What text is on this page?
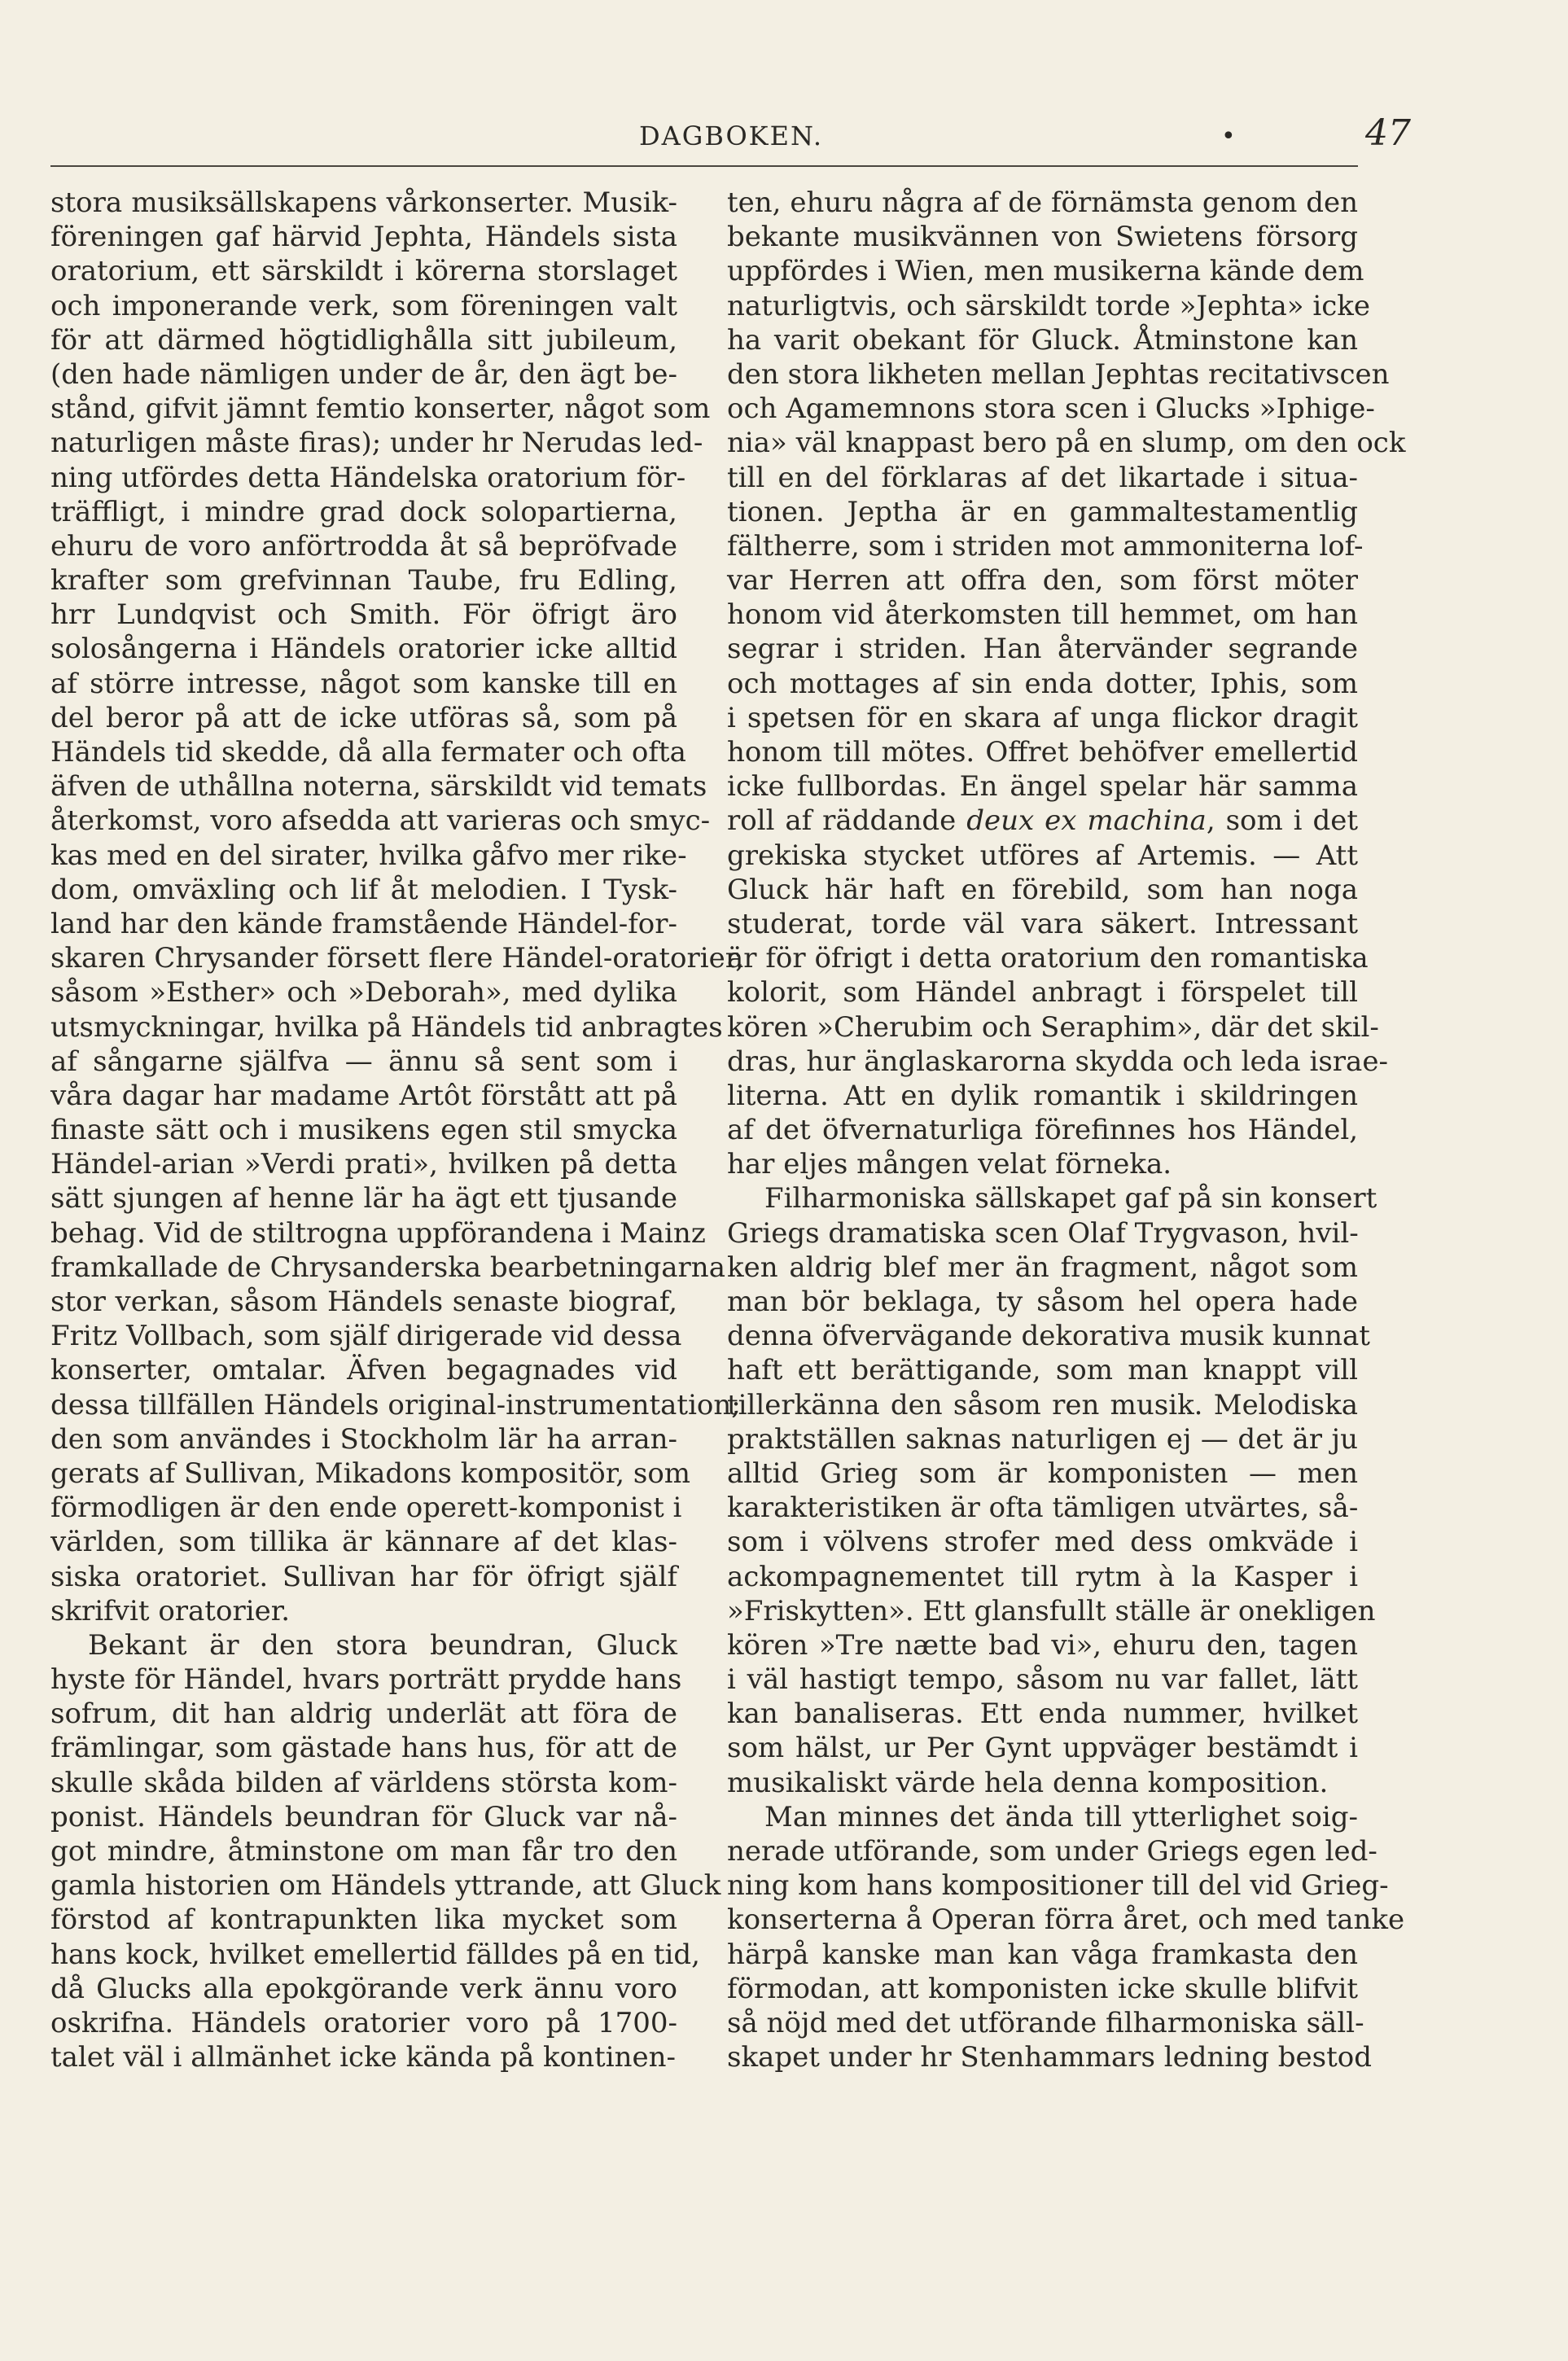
DAGBOKEN.	•	47
stora musiksällskapens vårkonserter. Musik-
föreningen gaf härvid Jephta, Händels sista
oratorium, ett särskildt i körerna storslaget
och imponerande verk, som föreningen valt
för att därmed högtidlighålla sitt jubileum,
(den hade nämligen under de år, den ägt be-
stånd, gifvit jämnt femtio konserter, något som
naturligen måste firas); under hr Nerudas led-
ning utfördes detta Händelska oratorium för-
träffligt, i mindre grad dock solopartierna,
ehuru de voro anförtrodda åt så bepröfvade
krafter som grefvinnan Taube, fru Edling,
hrr Lundqvist och Smith. För öfrigt äro
solosångerna i Händels oratorier icke alltid
af större intresse, något som kanske till en
del beror på att de icke utföras så, som på
Händels tid skedde, då alla fermater och ofta
äfven de uthållna noterna, särskildt vid temats
återkomst, voro afsedda att varieras och smyc-
kas med en del sirater, hvilka gåfvo mer rike-
dom, omväxling och lif åt melodien. I Tysk-
land har den kände framstående Händel-for-
skaren Chrysander försett flere Händel-oratorier,
såsom »Esther» och »Deborah», med dylika
utsmyckningar, hvilka på Händels tid anbragtes
af sångarne själfva — ännu så sent som i
våra dagar har madame Artôt förstått att på
finaste sätt och i musikens egen stil smycka
Händel-arian »Verdi prati», hvilken på detta
sätt sjungen af henne lär ha ägt ett tjusande
behag. Vid de stiltrogna uppförandena i Mainz
framkallade de Chrysanderska bearbetningarna
stor verkan, såsom Händels senaste biograf,
Fritz Vollbach, som själf dirigerade vid dessa
konserter, omtalar. Äfven begagnades vid
dessa tillfällen Händels original-instrumentation;
den som användes i Stockholm lär ha arran-
gerats af Sullivan, Mikadons kompositör, som
förmodligen är den ende operett-komponist i
världen, som tillika är kännare af det klas-
siska oratoriet. Sullivan har för öfrigt själf
skrifvit oratorier.
Bekant är den stora beundran, Gluck
hyste för Händel, hvars porträtt prydde hans
sofrum, dit han aldrig underlät att föra de
främlingar, som gästade hans hus, för att de
skulle skåda bilden af världens största kom-
ponist. Händels beundran för Gluck var nå-
got mindre, åtminstone om man får tro den
gamla historien om Händels yttrande, att Gluck
förstod af kontrapunkten lika mycket som
hans kock, hvilket emellertid fälldes på en tid,
då Glucks alla epokgörande verk ännu voro
oskrifna. Händels oratorier voro på 1700-
talet väl i allmänhet icke kända på kontinen-
ten, ehuru några af de förnämsta genom den
bekante musikvännen von Swietens försorg
uppfördes i Wien, men musikerna kände dem
naturligtvis, och särskildt torde »Jephta» icke
ha varit obekant för Gluck. Åtminstone kan
den stora likheten mellan Jephtas recitativscen
och Agamemnons stora scen i Glucks »Iphige-
nia» väl knappast bero på en slump, om den ock
till en del förklaras af det likartade i situa-
tionen. Jeptha är en gammaltestamentlig
fältherre, som i striden mot ammoniterna lof-
var Herren att offra den, som först möter
honom vid återkomsten till hemmet, om han
segrar i striden. Han återvänder segrande
och mottages af sin enda dotter, Iphis, som
i spetsen för en skara af unga flickor dragit
honom till mötes. Offret behöfver emellertid
icke fullbordas. En ängel spelar här samma
roll af räddande deux ex machina, som i det
grekiska stycket utföres af Artemis. — Att
Gluck här haft en förebild, som han noga
studerat, torde väl vara säkert. Intressant
är för öfrigt i detta oratorium den romantiska
kolorit, som Händel anbragt i förspelet till
kören »Cherubim och Seraphim», där det skil-
dras, hur änglaskarorna skydda och leda israe-
literna. Att en dylik romantik i skildringen
af det öfvernaturliga förefinnes hos Händel,
har eljes mången velat förneka.
Filharmoniska sällskapet gaf på sin konsert
Griegs dramatiska scen Olaf Trygvason, hvil-
ken aldrig blef mer än fragment, något som
man bör beklaga, ty såsom hel opera hade
denna öfvervägande dekorativa musik kunnat
haft ett berättigande, som man knappt vill
tillerkänna den såsom ren musik. Melodiska
praktställen saknas naturligen ej — det är ju
alltid Grieg som är komponisten — men
karakteristiken är ofta tämligen utvärtes, så-
som i völvens strofer med dess omkväde i
ackompagnementet till rytm à la Kasper i
»Friskytten». Ett glansfullt ställe är onekligen
kören »Tre nætte bad vi», ehuru den, tagen
i väl hastigt tempo, såsom nu var fallet, lätt
kan banaliseras. Ett enda nummer, hvilket
som hälst, ur Per Gynt uppväger bestämdt i
musikaliskt värde hela denna komposition.
Man minnes det ända till ytterlighet soig-
nerade utförande, som under Griegs egen led-
ning kom hans kompositioner till del vid Grieg-
konserterna å Operan förra året, och med tanke
härpå kanske man kan våga framkasta den
förmodan, att komponisten icke skulle blifvit
så nöjd med det utförande filharmoniska säll-
skapet under hr Stenhammars ledning bestod
